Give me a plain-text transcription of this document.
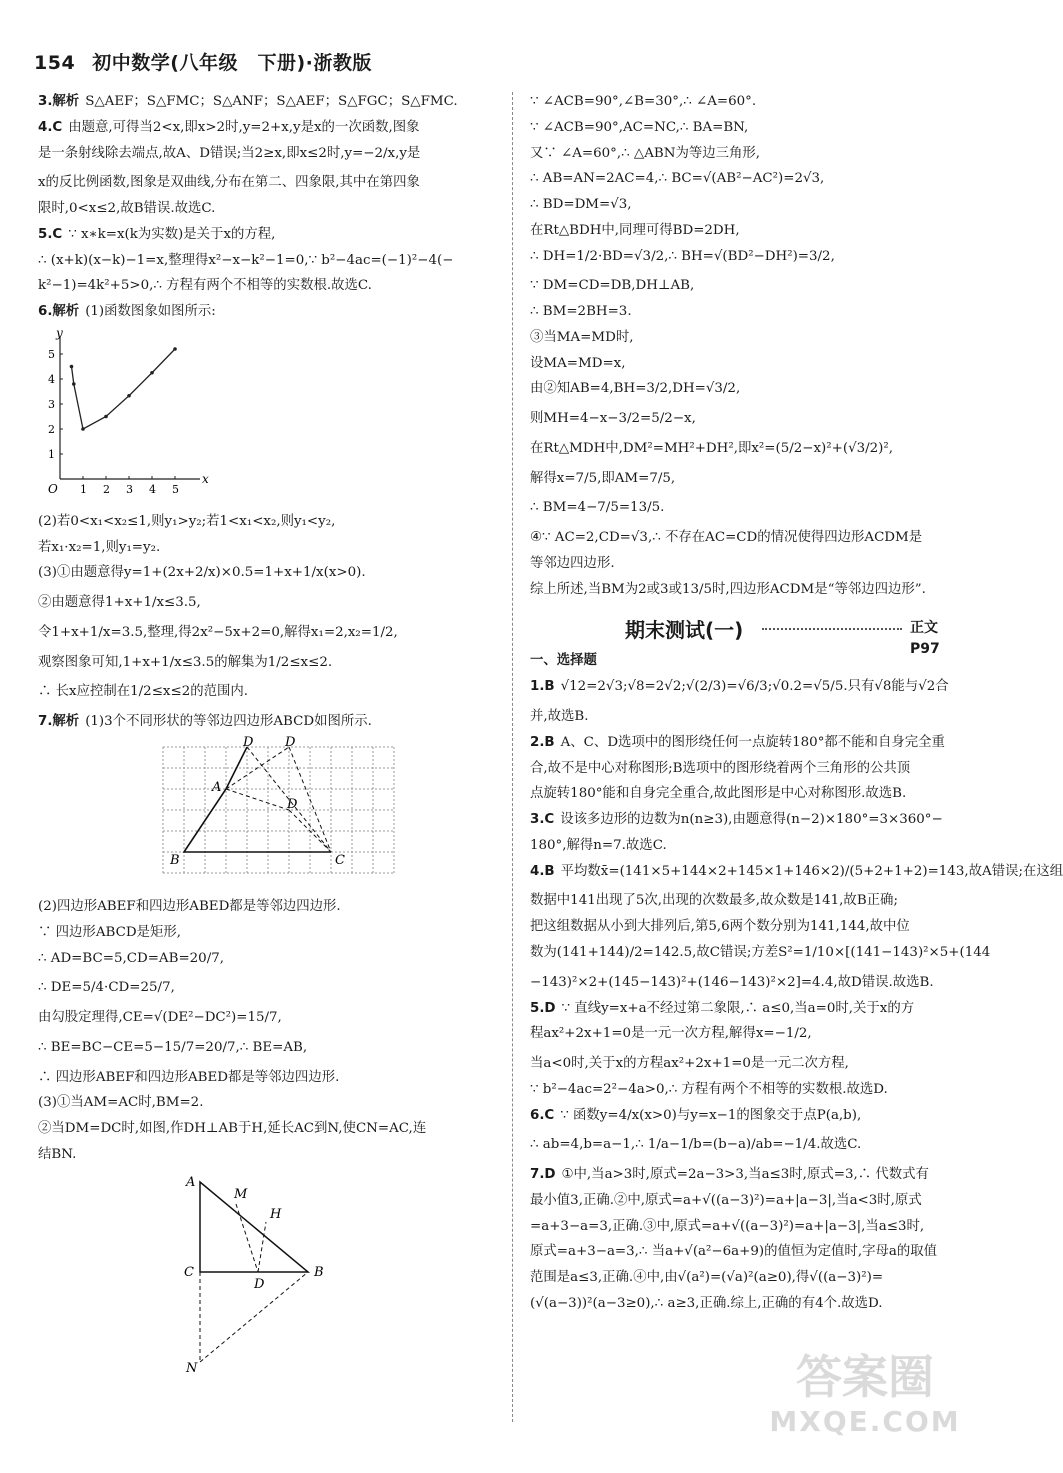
154 初中数学(八年级　下册)·浙教版
3.解析 S△AEF；S△FMC；S△ANF；S△AEF；S△FGC；S△FMC.
4.C 由题意,可得当2<x,即x>2时,y=2+x,y是x的一次函数,图象
是一条射线除去端点,故A、D错误;当2≥x,即x≤2时,y=−2/x,y是
x的反比例函数,图象是双曲线,分布在第二、四象限,其中在第四象
限时,0<x≤2,故B错误.故选C.
5.C ∵ x∗k=x(k为实数)是关于x的方程,
∴ (x+k)(x−k)−1=x,整理得x²−x−k²−1=0,∵ b²−4ac=(−1)²−4(−
k²−1)=4k²+5>0,∴ 方程有两个不相等的实数根.故选C.
6.解析 (1)函数图象如图所示:
x
y
O 1 2 3 4 5
1
2
3
4
5
(2)若0<x₁<x₂≤1,则y₁>y₂;若1<x₁<x₂,则y₁<y₂,
若x₁·x₂=1,则y₁=y₂.
(3)①由题意得y=1+(2x+2/x)×0.5=1+x+1/x(x>0).
②由题意得1+x+1/x≤3.5,
令1+x+1/x=3.5,整理,得2x²−5x+2=0,解得x₁=2,x₂=1/2,
观察图象可知,1+x+1/x≤3.5的解集为1/2≤x≤2.
∴ 长x应控制在1/2≤x≤2的范围内.
7.解析 (1)3个不同形状的等邻边四边形ABCD如图所示.
A
B	C
D D
D
(2)四边形ABEF和四边形ABED都是等邻边四边形.
∵ 四边形ABCD是矩形,
∴ AD=BC=5,CD=AB=20/7,
∴ DE=5/4·CD=25/7,
由勾股定理得,CE=√(DE²−DC²)=15/7,
∴ BE=BC−CE=5−15/7=20/7,∴ BE=AB,
∴ 四边形ABEF和四边形ABED都是等邻边四边形.
(3)①当AM=AC时,BM=2.
②当DM=DC时,如图,作DH⊥AB于H,延长AC到N,使CN=AC,连
结BN.
A
M
H
C
D
B
N
∵ ∠ACB=90°,∠B=30°,∴ ∠A=60°.
∵ ∠ACB=90°,AC=NC,∴ BA=BN,
又∵ ∠A=60°,∴ △ABN为等边三角形,
∴ AB=AN=2AC=4,∴ BC=√(AB²−AC²)=2√3,
∴ BD=DM=√3,
在Rt△BDH中,同理可得BD=2DH,
∴ DH=1/2·BD=√3/2,∴ BH=√(BD²−DH²)=3/2,
∵ DM=CD=DB,DH⊥AB,
∴ BM=2BH=3.
③当MA=MD时,
设MA=MD=x,
由②知AB=4,BH=3/2,DH=√3/2,
则MH=4−x−3/2=5/2−x,
在Rt△MDH中,DM²=MH²+DH²,即x²=(5/2−x)²+(√3/2)²,
解得x=7/5,即AM=7/5,
∴ BM=4−7/5=13/5.
④∵ AC=2,CD=√3,∴ 不存在AC=CD的情况使得四边形ACDM是
等邻边四边形.
综上所述,当BM为2或3或13/5时,四边形ACDM是“等邻边四边形”.
期末测试(一)	正文 P97
一、选择题
1.B √12=2√3;√8=2√2;√(2/3)=√6/3;√0.2=√5/5.只有√8能与√2合
并,故选B.
2.B A、C、D选项中的图形绕任何一点旋转180°都不能和自身完全重
合,故不是中心对称图形;B选项中的图形绕着两个三角形的公共顶
点旋转180°能和自身完全重合,故此图形是中心对称图形.故选B.
3.C 设该多边形的边数为n(n≥3),由题意得(n−2)×180°=3×360°−
180°,解得n=7.故选C.
4.B 平均数x̄=(141×5+144×2+145×1+146×2)/(5+2+1+2)=143,故A错误;在这组
数据中141出现了5次,出现的次数最多,故众数是141,故B正确;
把这组数据从小到大排列后,第5,6两个数分别为141,144,故中位
数为(141+144)/2=142.5,故C错误;方差S²=1/10×[(141−143)²×5+(144
−143)²×2+(145−143)²+(146−143)²×2]=4.4,故D错误.故选B.
5.D ∵ 直线y=x+a不经过第二象限,∴ a≤0,当a=0时,关于x的方
程ax²+2x+1=0是一元一次方程,解得x=−1/2,
当a<0时,关于x的方程ax²+2x+1=0是一元二次方程,
∵ b²−4ac=2²−4a>0,∴ 方程有两个不相等的实数根.故选D.
6.C ∵ 函数y=4/x(x>0)与y=x−1的图象交于点P(a,b),
∴ ab=4,b=a−1,∴ 1/a−1/b=(b−a)/ab=−1/4.故选C.
7.D ①中,当a>3时,原式=2a−3>3,当a≤3时,原式=3,∴ 代数式有
最小值3,正确.②中,原式=a+√((a−3)²)=a+|a−3|,当a<3时,原式
=a+3−a=3,正确.③中,原式=a+√((a−3)²)=a+|a−3|,当a≤3时,
原式=a+3−a=3,∴ 当a+√(a²−6a+9)的值恒为定值时,字母a的取值
范围是a≤3,正确.④中,由√(a²)=(√a)²(a≥0),得√((a−3)²)=
(√(a−3))²(a−3≥0),∴ a≥3,正确.综上,正确的有4个.故选D.
答案圈
MXQE.COM
